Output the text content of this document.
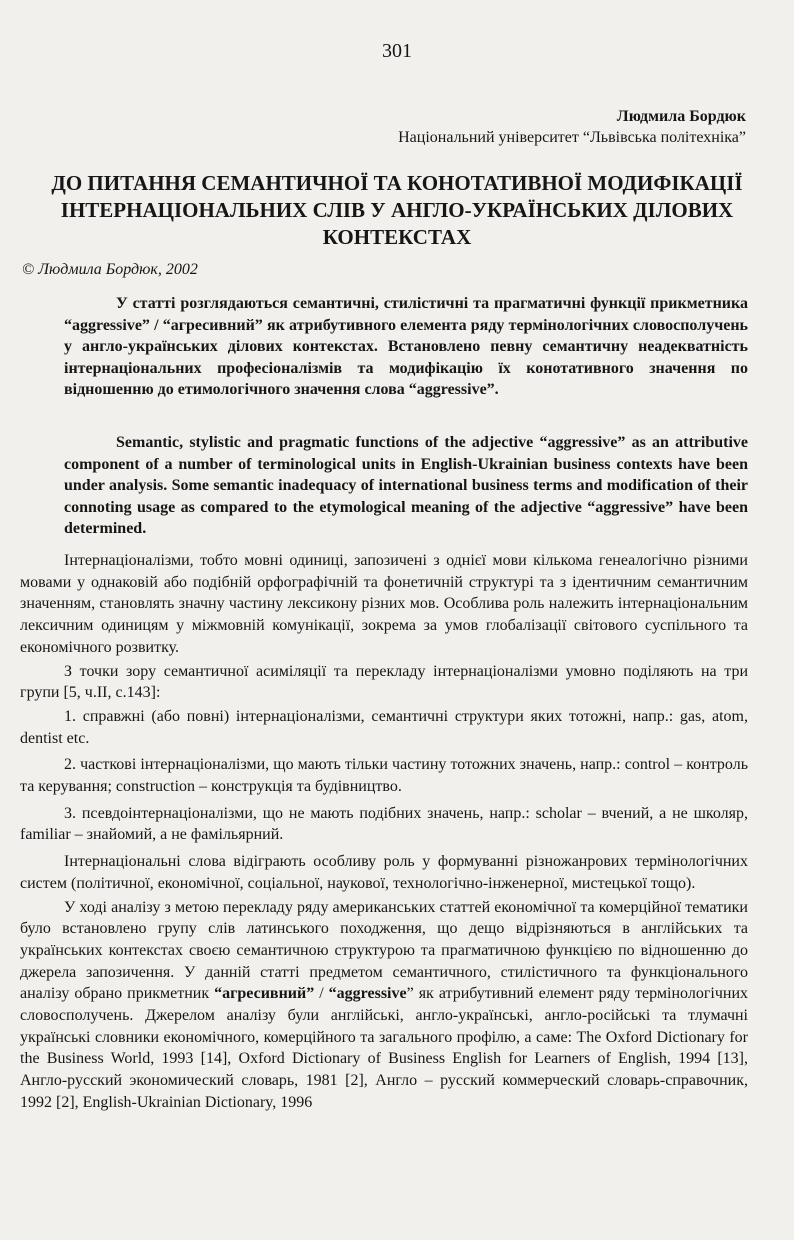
301
Людмила Бордюк
Національний університет “Львівська політехніка”
ДО ПИТАННЯ СЕМАНТИЧНОЇ ТА КОНОТАТИВНОЇ МОДИФІКАЦІЇ ІНТЕРНАЦІОНАЛЬНИХ СЛІВ У АНГЛО-УКРАЇНСЬКИХ ДІЛОВИХ КОНТЕКСТАХ
© Людмила Бордюк, 2002

У статті розглядаються семантичні, стилістичні та прагматичні функції прикметника “aggressive” / “агресивний” як атрибутивного елемента ряду термінологічних словосполучень у англо-українських ділових контекстах. Встановлено певну семантичну неадекватність інтернаціональних професіоналізмів та модифікацію їх конотативного значення по відношенню до етимологічного значення слова “aggressive”.

Semantic, stylistic and pragmatic functions of the adjective “aggressive” as an attributive component of a number of terminological units in English-Ukrainian business contexts have been under analysis. Some semantic inadequacy of international business terms and modification of their connoting usage as compared to the etymological meaning of the adjective “aggressive” have been determined.

Інтернаціоналізми, тобто мовні одиниці, запозичені з однієї мови кількома генеалогічно різними мовами у однаковій або подібній орфографічній та фонетичній структурі та з ідентичним семантичним значенням, становлять значну частину лексикону різних мов. Особлива роль належить інтернаціональним лексичним одиницям у міжмовній комунікації, зокрема за умов глобалізації світового суспільного та економічного розвитку.

З точки зору семантичної асиміляції та перекладу інтернаціоналізми умовно поділяють на три групи [5, ч.II, с.143]:

1. справжні (або повні) інтернаціоналізми, семантичні структури яких тотожні, напр.: gas, atom, dentist etc.

2. часткові інтернаціоналізми, що мають тільки частину тотожних значень, напр.: control – контроль та керування; construction – конструкція та будівництво.

3. псевдоінтернаціоналізми, що не мають подібних значень, напр.: scholar – вчений, а не школяр, familiar – знайомий, а не фамільярний.

Інтернаціональні слова відіграють особливу роль у формуванні різножанрових термінологічних систем (політичної, економічної, соціальної, наукової, технологічно-інженерної, мистецької тощо).

У ході аналізу з метою перекладу ряду американських статтей економічної та комерційної тематики було встановлено групу слів латинського походження, що дещо відрізняються в англійських та українських контекстах своєю семантичною структурою та прагматичною функцією по відношенню до джерела запозичення. У данній статті предметом семантичного, стилістичного та функціонального аналізу обрано прикметник “агресивний” / “aggressive” як атрибутивний елемент ряду термінологічних словосполучень. Джерелом аналізу були англійські, англо-українські, англо-російські та тлумачні українські словники економічного, комерційного та загального профілю, а саме: The Oxford Dictionary for the Business World, 1993 [14], Oxford Dictionary of Business English for Learners of English, 1994 [13], Англо-русский экономический словарь, 1981 [2], Англо – русский коммерческий словарь-справочник, 1992 [2], English-Ukrainian Dictionary, 1996
